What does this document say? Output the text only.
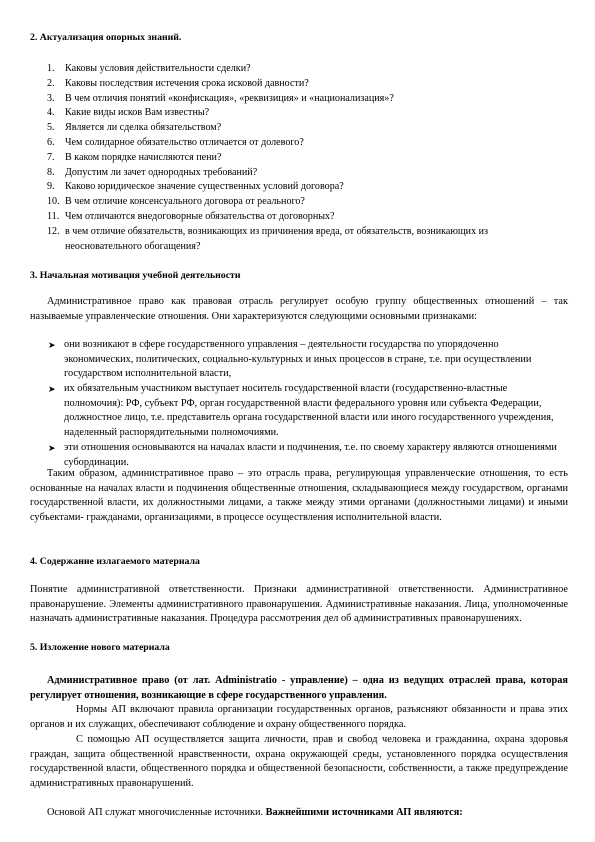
2. Актуализация опорных знаний.
1. Каковы условия действительности сделки?
2. Каковы последствия истечения срока исковой давности?
3. В чем отличия понятий «конфискация», «реквизиция» и «национализация»?
4. Какие виды исков Вам известны?
5. Является ли сделка обязательством?
6. Чем солидарное обязательство отличается от долевого?
7. В каком порядке начисляются пени?
8. Допустим ли зачет однородных требований?
9. Каково юридическое значение существенных условий договора?
10. В чем отличие консенсуального договора от реального?
11. Чем отличаются внедоговорные обязательства от договорных?
12. в чем отличие обязательств, возникающих из причинения вреда, от обязательств, возникающих из неосновательного обогащения?
3. Начальная мотивация учебной деятельности
Административное право как правовая отрасль регулирует особую группу общественных отношений – так называемые управленческие отношения. Они характеризуются следующими основными признаками:
➤ они возникают в сфере государственного управления – деятельности государства по упорядоченно экономических, политических, социально-культурных и иных процессов в стране, т.е. при осуществлении государством исполнительной власти,
➤ их обязательным участником выступает носитель государственной власти (государственно-властные полномочия): РФ, субъект РФ, орган государственной власти федерального уровня или субъекта Федерации, должностное лицо, т.е. представитель органа государственной власти или иного государственного учреждения, наделенный распорядительными полномочиями.
➤ эти отношения основываются на началах власти и подчинения, т.е. по своему характеру являются отношениями субординации.
Таким образом, административное право – это отрасль права, регулирующая управленческие отношения, то есть основанные на началах власти и подчинения общественные отношения, складывающиеся между государством, органами государственной власти, их должностными лицами, а также между этими органами (должностными лицами) и иными субъектами- гражданами, организациями, в процессе осуществления исполнительной власти.
4. Содержание излагаемого материала
Понятие административной ответственности. Признаки административной ответственности. Административное правонарушение. Элементы административного правонарушения. Административные наказания. Лица, уполномоченные назначать административные наказания. Процедура рассмотрения дел об административных правонарушениях.
5. Изложение нового материала
Административное право (от лат. Administratio - управление) – одна из ведущих отраслей права, которая регулирует отношения, возникающие в сфере государственного управления.
Нормы АП включают правила организации государственных органов, разъясняют обязанности и права этих органов и их служащих, обеспечивают соблюдение и охрану общественного порядка.
С помощью АП осуществляется защита личности, прав и свобод человека и гражданина, охрана здоровья граждан, защита общественной нравственности, охрана окружающей среды, установленного порядка осуществления государственной власти, общественного порядка и общественной безопасности, собственности, а также предупреждение административных правонарушений.
Основой АП служат многочисленные источники. Важнейшими источниками АП являются:
